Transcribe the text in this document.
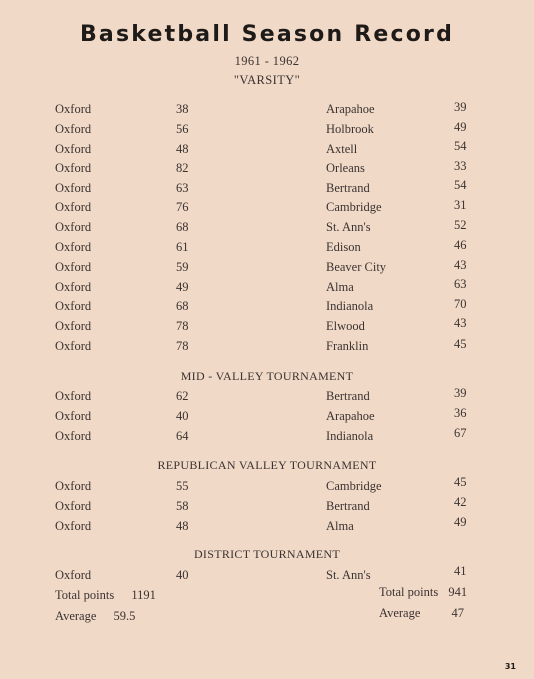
Basketball Season Record
1961 - 1962
"VARSITY"
Oxford	38	Arapahoe	39
Oxford	56	Holbrook	49
Oxford	48	Axtell	54
Oxford	82	Orleans	33
Oxford	63	Bertrand	54
Oxford	76	Cambridge	31
Oxford	68	St. Ann's	52
Oxford	61	Edison	46
Oxford	59	Beaver City	43
Oxford	49	Alma	63
Oxford	68	Indianola	70
Oxford	78	Elwood	43
Oxford	78	Franklin	45
Oxford	62	Bertrand	39
Oxford	40	Arapahoe	36
Oxford	64	Indianola	67
Oxford	55	Cambridge	45
Oxford	58	Bertrand	42
Oxford	48	Alma	49
Oxford	40	St. Ann's	41
MID - VALLEY TOURNAMENT
REPUBLICAN VALLEY TOURNAMENT
DISTRICT TOURNAMENT
Total points 1191
Average 59.5
Total points 941
Average 47
31
